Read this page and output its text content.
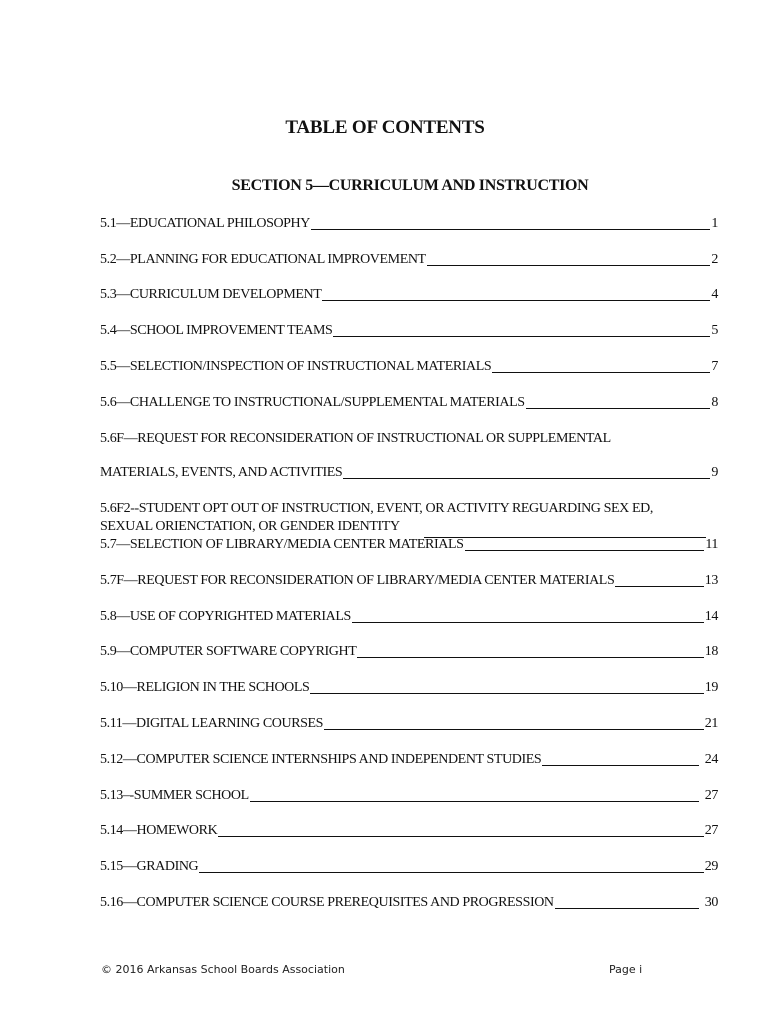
TABLE OF CONTENTS
SECTION 5—CURRICULUM AND INSTRUCTION
5.1—EDUCATIONAL PHILOSOPHY	1
5.2—PLANNING FOR EDUCATIONAL IMPROVEMENT	2
5.3—CURRICULUM DEVELOPMENT	4
5.4—SCHOOL IMPROVEMENT TEAMS	5
5.5—SELECTION/INSPECTION OF INSTRUCTIONAL MATERIALS	7
5.6—CHALLENGE TO INSTRUCTIONAL/SUPPLEMENTAL MATERIALS	8
5.6F—REQUEST FOR RECONSIDERATION OF INSTRUCTIONAL OR SUPPLEMENTAL
MATERIALS, EVENTS, AND ACTIVITIES	9
5.6F2--STUDENT OPT OUT OF INSTRUCTION, EVENT, OR ACTIVITY REGUARDING SEX ED,
SEXUAL ORIENCTATION, OR GENDER IDENTITY
5.7—SELECTION OF LIBRARY/MEDIA CENTER MATERIALS	11
5.7F—REQUEST FOR RECONSIDERATION OF LIBRARY/MEDIA CENTER MATERIALS	13
5.8—USE OF COPYRIGHTED MATERIALS	14
5.9—COMPUTER SOFTWARE COPYRIGHT	18
5.10—RELIGION IN THE SCHOOLS	19
5.11—DIGITAL LEARNING COURSES	21
5.12—COMPUTER SCIENCE INTERNSHIPS AND INDEPENDENT STUDIES	24
5.13–-SUMMER SCHOOL	27
5.14—HOMEWORK	27
5.15—GRADING	29
5.16—COMPUTER SCIENCE COURSE PREREQUISITES AND PROGRESSION	30
© 2016 Arkansas School Boards Association	Page i
